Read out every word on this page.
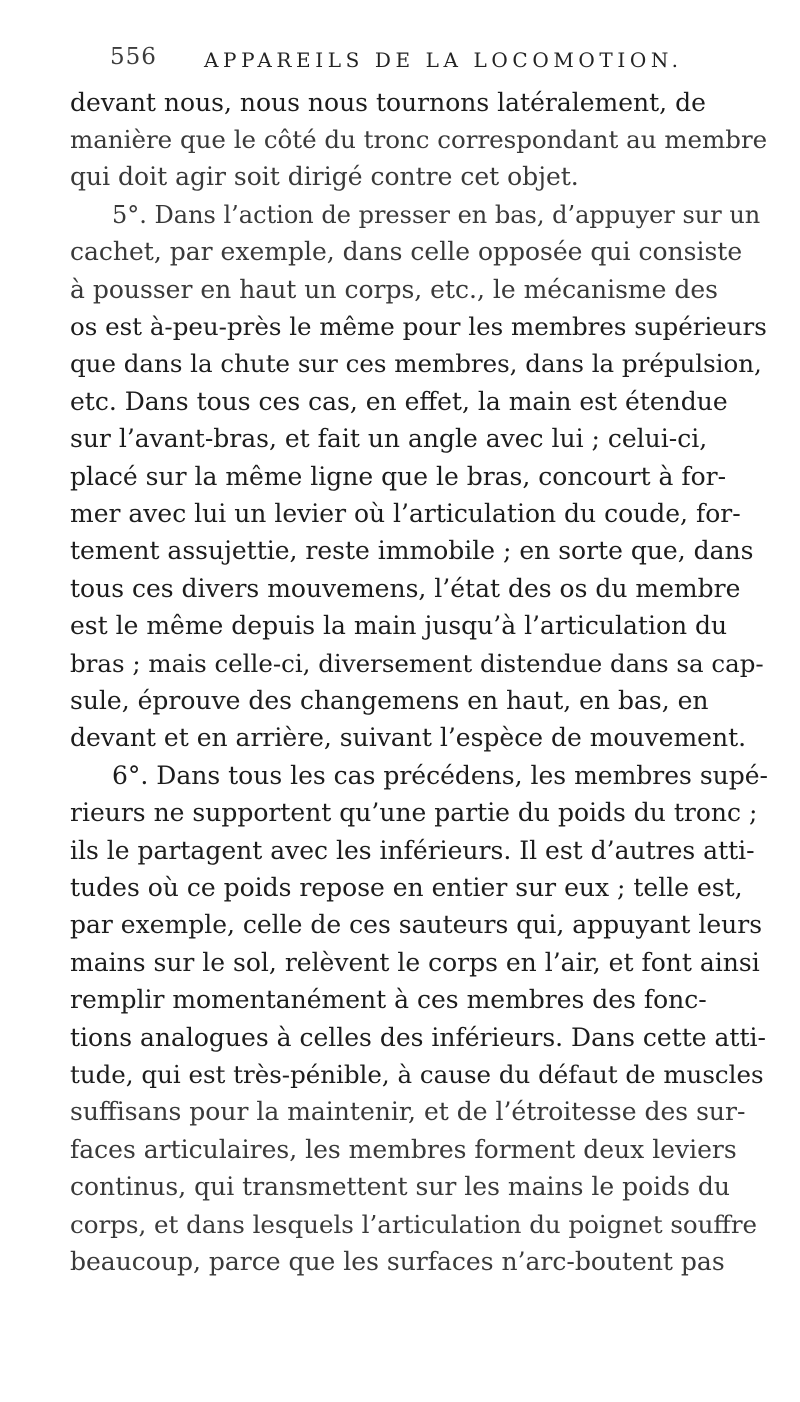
556 APPAREILS DE LA LOCOMOTION.
devant nous, nous nous tournons latéralement, de
manière que le côté du tronc correspondant au membre
qui doit agir soit dirigé contre cet objet.
5°. Dans l’action de presser en bas, d’appuyer sur un
cachet, par exemple, dans celle opposée qui consiste
à pousser en haut un corps, etc., le mécanisme des
os est à-peu-près le même pour les membres supérieurs
que dans la chute sur ces membres, dans la prépulsion,
etc. Dans tous ces cas, en effet, la main est étendue
sur l’avant-bras, et fait un angle avec lui ; celui-ci,
placé sur la même ligne que le bras, concourt à for-
mer avec lui un levier où l’articulation du coude, for-
tement assujettie, reste immobile ; en sorte que, dans
tous ces divers mouvemens, l’état des os du membre
est le même depuis la main jusqu’à l’articulation du
bras ; mais celle-ci, diversement distendue dans sa cap-
sule, éprouve des changemens en haut, en bas, en
devant et en arrière, suivant l’espèce de mouvement.
6°. Dans tous les cas précédens, les membres supé-
rieurs ne supportent qu’une partie du poids du tronc ;
ils le partagent avec les inférieurs. Il est d’autres atti-
tudes où ce poids repose en entier sur eux ; telle est,
par exemple, celle de ces sauteurs qui, appuyant leurs
mains sur le sol, relèvent le corps en l’air, et font ainsi
remplir momentanément à ces membres des fonc-
tions analogues à celles des inférieurs. Dans cette atti-
tude, qui est très-pénible, à cause du défaut de muscles
suffisans pour la maintenir, et de l’étroitesse des sur-
faces articulaires, les membres forment deux leviers
continus, qui transmettent sur les mains le poids du
corps, et dans lesquels l’articulation du poignet souffre
beaucoup, parce que les surfaces n’arc-boutent pas
